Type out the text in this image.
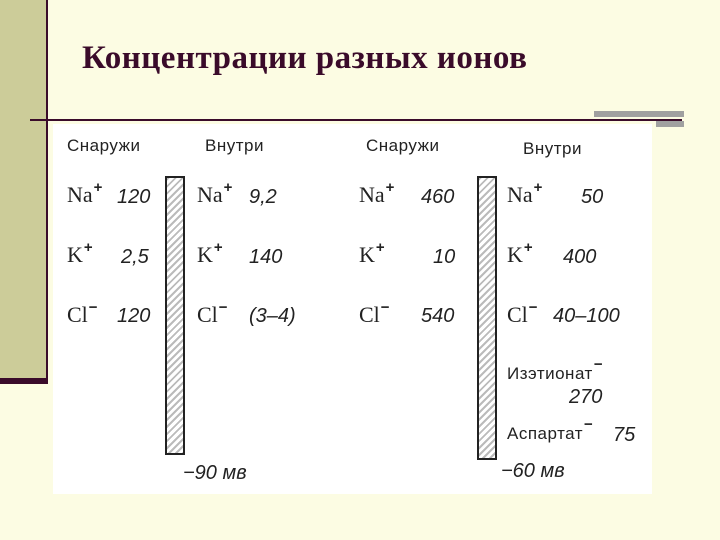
Концентрации разных ионов
Снаружи	Внутри
Na+ 120
K+ 2,5
Cl− 120
Na+ 9,2
K+ 140
Cl− (3–4)
−90 мв
Снаружи	Внутри
Na+ 460
K+ 10
Cl− 540
Na+ 50
K+ 400
Cl− 40–100
Изэтионат−
270
Аспартат− 75
−60 мв
